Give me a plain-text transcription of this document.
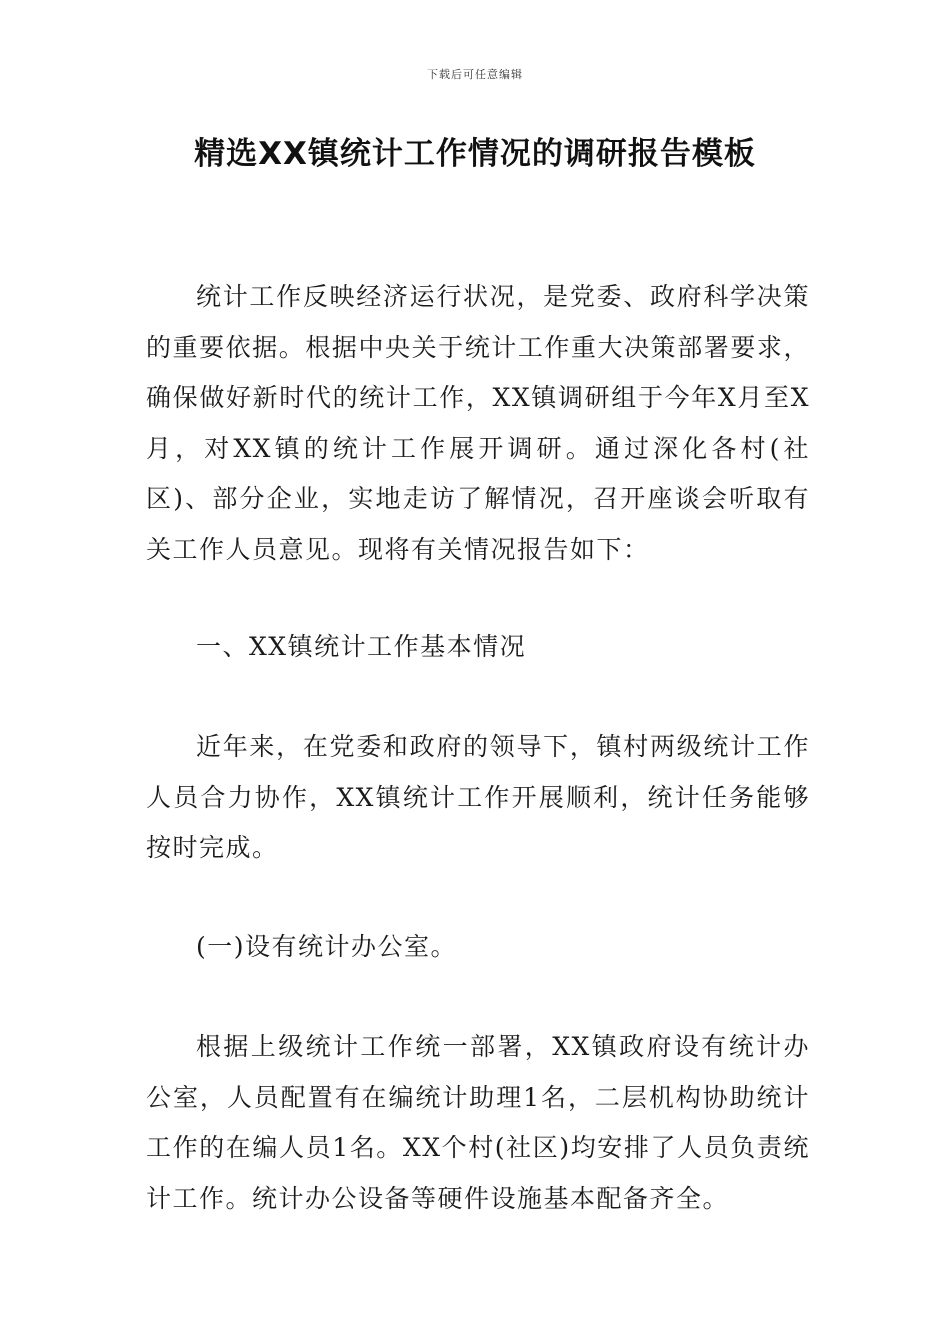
下载后可任意编辑
精选XX镇统计工作情况的调研报告模板

统计工作反映经济运行状况，是党委、政府科学决策的重要依据。根据中央关于统计工作重大决策部署要求，确保做好新时代的统计工作，XX镇调研组于今年X月至X月，对XX镇的统计工作展开调研。通过深化各村(社区)、部分企业，实地走访了解情况，召开座谈会听取有关工作人员意见。现将有关情况报告如下：

一、XX镇统计工作基本情况

近年来，在党委和政府的领导下，镇村两级统计工作人员合力协作，XX镇统计工作开展顺利，统计任务能够按时完成。

(一)设有统计办公室。

根据上级统计工作统一部署，XX镇政府设有统计办公室，人员配置有在编统计助理1名，二层机构协助统计工作的在编人员1名。XX个村(社区)均安排了人员负责统计工作。统计办公设备等硬件设施基本配备齐全。
